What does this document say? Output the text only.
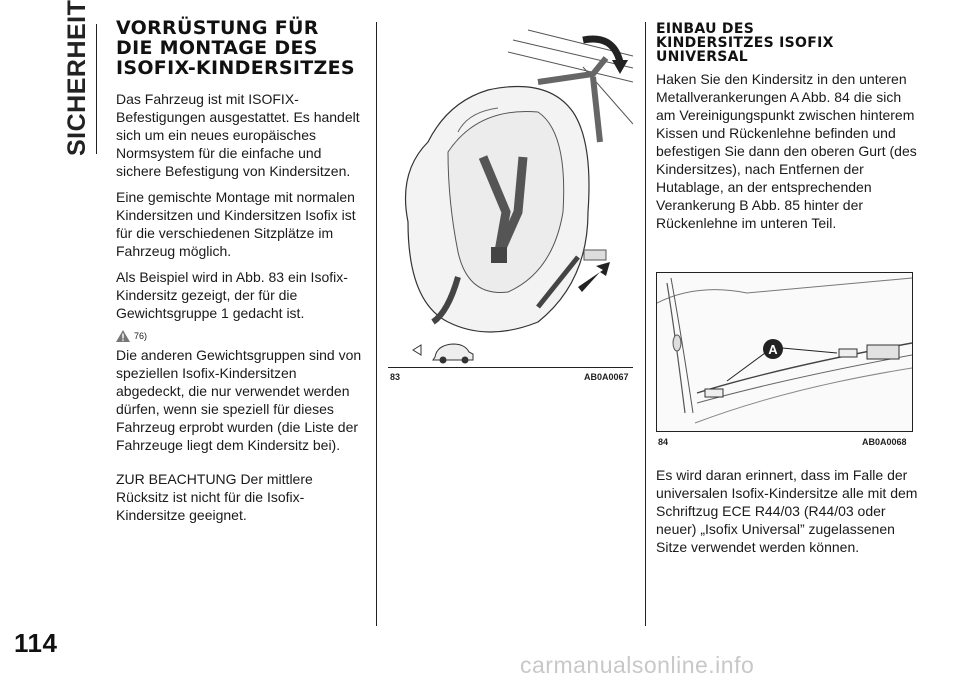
SICHERHEIT
114
VORRÜSTUNG FÜR
DIE MONTAGE DES
ISOFIX-KINDERSITZES

Das Fahrzeug ist mit ISOFIX-Befestigungen ausgestattet. Es handelt sich um ein neues europäisches Normsystem für die einfache und sichere Befestigung von Kindersitzen.

Eine gemischte Montage mit normalen Kindersitzen und Kindersitzen Isofix ist für die verschiedenen Sitzplätze im Fahrzeug möglich.

Als Beispiel wird in Abb. 83 ein Isofix-Kindersitz gezeigt, der für die Gewichtsgruppe 1 gedacht ist.

76)

Die anderen Gewichtsgruppen sind von speziellen Isofix-Kindersitzen abgedeckt, die nur verwendet werden dürfen, wenn sie speziell für dieses Fahrzeug erprobt wurden (die Liste der Fahrzeuge liegt dem Kindersitz bei).

ZUR BEACHTUNG Der mittlere Rücksitz ist nicht für die Isofix-Kindersitze geeignet.

83	AB0A0067
EINBAU DES
KINDERSITZES ISOFIX
UNIVERSAL

Haken Sie den Kindersitz in den unteren Metallverankerungen A Abb. 84 die sich am Vereinigungspunkt zwischen hinterem Kissen und Rückenlehne befinden und befestigen Sie dann den oberen Gurt (des Kindersitzes), nach Entfernen der Hutablage, an der entsprechenden Verankerung B Abb. 85 hinter der Rückenlehne im unteren Teil.

A
84	AB0A0068

Es wird daran erinnert, dass im Falle der universalen Isofix-Kindersitze alle mit dem Schriftzug ECE R44/03 (R44/03 oder neuer) „Isofix Universal” zugelassenen Sitze verwendet werden können.

carmanualsonline.info
